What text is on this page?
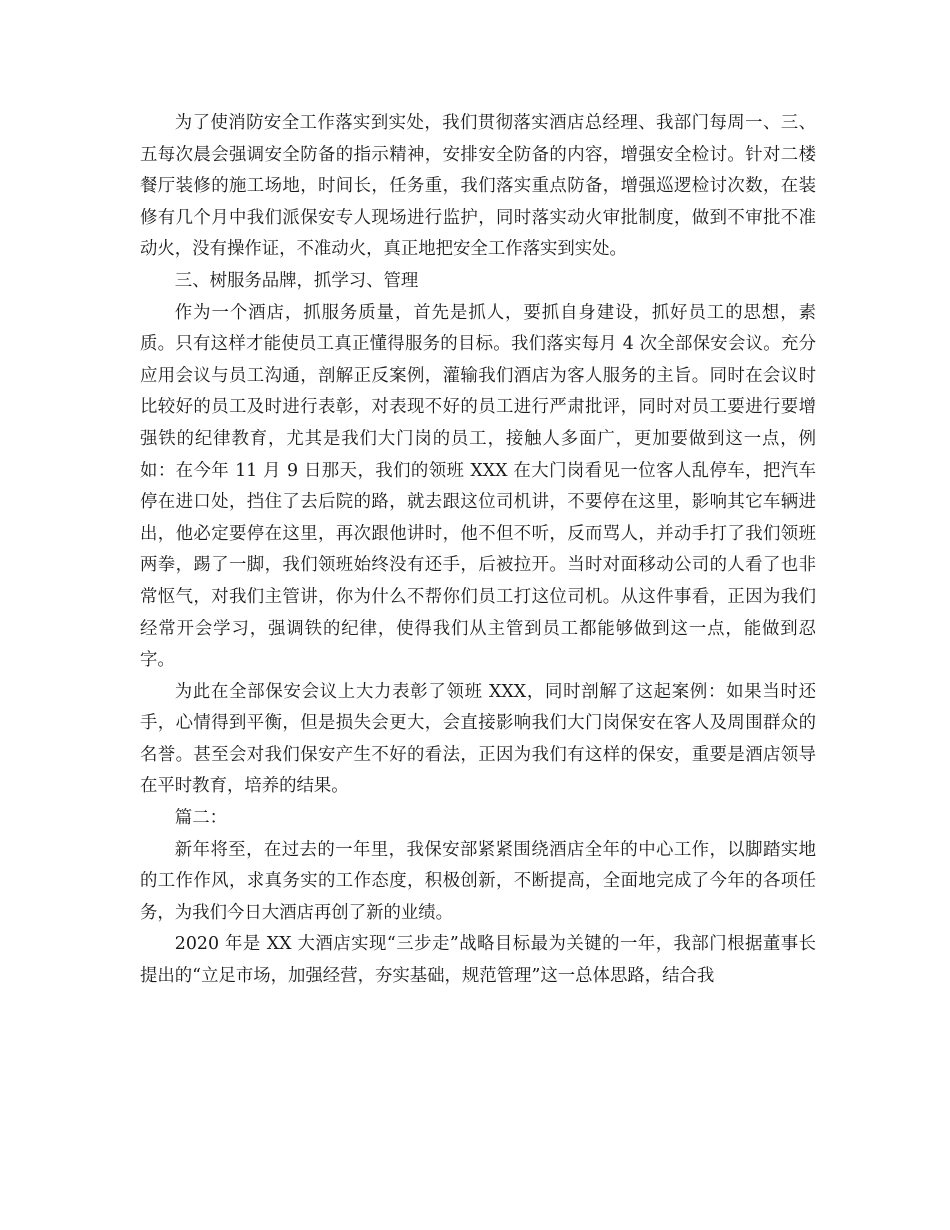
为了使消防安全工作落实到实处，我们贯彻落实酒店总经理、我部门每周一、三、五每次晨会强调安全防备的指示精神，安排安全防备的内容，增强安全检讨。针对二楼餐厅装修的施工场地，时间长，任务重，我们落实重点防备，增强巡逻检讨次数，在装修有几个月中我们派保安专人现场进行监护，同时落实动火审批制度，做到不审批不准动火，没有操作证，不准动火，真正地把安全工作落实到实处。

三、树服务品牌，抓学习、管理

作为一个酒店，抓服务质量，首先是抓人，要抓自身建设，抓好员工的思想，素质。只有这样才能使员工真正懂得服务的目标。我们落实每月 4 次全部保安会议。充分应用会议与员工沟通，剖解正反案例，灌输我们酒店为客人服务的主旨。同时在会议时比较好的员工及时进行表彰，对表现不好的员工进行严肃批评，同时对员工要进行要增强铁的纪律教育，尤其是我们大门岗的员工，接触人多面广，更加要做到这一点，例如：在今年 11 月 9 日那天，我们的领班 XXX 在大门岗看见一位客人乱停车，把汽车停在进口处，挡住了去后院的路，就去跟这位司机讲，不要停在这里，影响其它车辆进出，他必定要停在这里，再次跟他讲时，他不但不听，反而骂人，并动手打了我们领班两拳，踢了一脚，我们领班始终没有还手，后被拉开。当时对面移动公司的人看了也非常怄气，对我们主管讲，你为什么不帮你们员工打这位司机。从这件事看，正因为我们经常开会学习，强调铁的纪律，使得我们从主管到员工都能够做到这一点，能做到忍字。

为此在全部保安会议上大力表彰了领班 XXX，同时剖解了这起案例：如果当时还手，心情得到平衡，但是损失会更大，会直接影响我们大门岗保安在客人及周围群众的名誉。甚至会对我们保安产生不好的看法，正因为我们有这样的保安，重要是酒店领导在平时教育，培养的结果。

篇二：

新年将至，在过去的一年里，我保安部紧紧围绕酒店全年的中心工作，以脚踏实地的工作作风，求真务实的工作态度，积极创新，不断提高，全面地完成了今年的各项任务，为我们今日大酒店再创了新的业绩。

2020 年是 XX 大酒店实现“三步走”战略目标最为关键的一年，我部门根据董事长提出的“立足市场，加强经营，夯实基础，规范管理”这一总体思路，结合我
